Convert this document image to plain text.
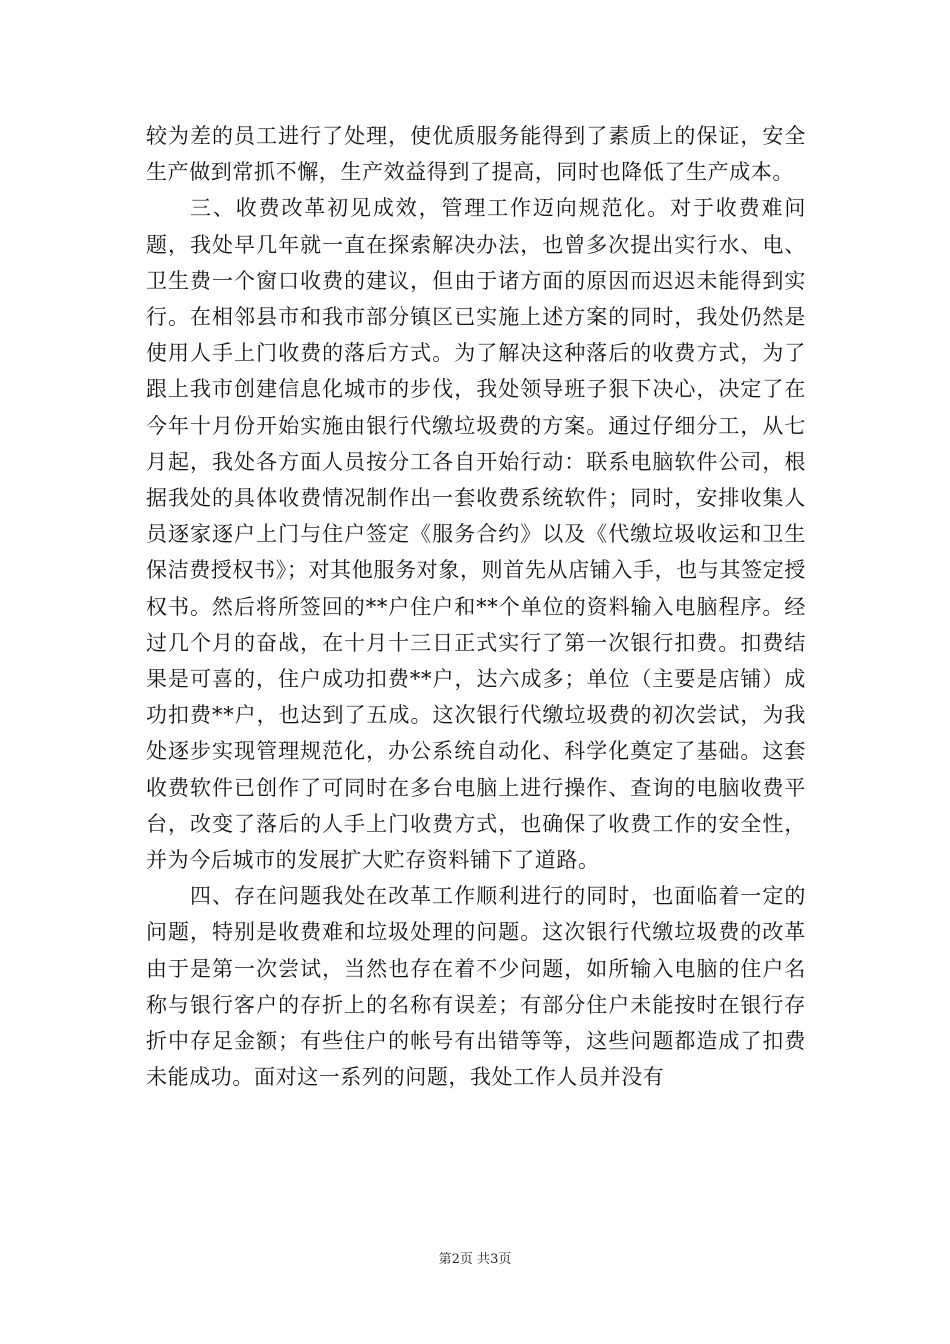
较为差的员工进行了处理，使优质服务能得到了素质上的保证，安全生产做到常抓不懈，生产效益得到了提高，同时也降低了生产成本。

三、收费改革初见成效，管理工作迈向规范化。对于收费难问题，我处早几年就一直在探索解决办法，也曾多次提出实行水、电、卫生费一个窗口收费的建议，但由于诸方面的原因而迟迟未能得到实行。在相邻县市和我市部分镇区已实施上述方案的同时，我处仍然是使用人手上门收费的落后方式。为了解决这种落后的收费方式，为了跟上我市创建信息化城市的步伐，我处领导班子狠下决心，决定了在今年十月份开始实施由银行代缴垃圾费的方案。通过仔细分工，从七月起，我处各方面人员按分工各自开始行动：联系电脑软件公司，根据我处的具体收费情况制作出一套收费系统软件；同时，安排收集人员逐家逐户上门与住户签定《服务合约》以及《代缴垃圾收运和卫生保洁费授权书》；对其他服务对象，则首先从店铺入手，也与其签定授权书。然后将所签回的**户住户和**个单位的资料输入电脑程序。经过几个月的奋战，在十月十三日正式实行了第一次银行扣费。扣费结果是可喜的，住户成功扣费**户，达六成多；单位（主要是店铺）成功扣费**户，也达到了五成。这次银行代缴垃圾费的初次尝试，为我处逐步实现管理规范化，办公系统自动化、科学化奠定了基础。这套收费软件已创作了可同时在多台电脑上进行操作、查询的电脑收费平台，改变了落后的人手上门收费方式，也确保了收费工作的安全性，并为今后城市的发展扩大贮存资料铺下了道路。

四、存在问题我处在改革工作顺利进行的同时，也面临着一定的问题，特别是收费难和垃圾处理的问题。这次银行代缴垃圾费的改革由于是第一次尝试，当然也存在着不少问题，如所输入电脑的住户名称与银行客户的存折上的名称有误差；有部分住户未能按时在银行存折中存足金额；有些住户的帐号有出错等等，这些问题都造成了扣费未能成功。面对这一系列的问题，我处工作人员并没有

第2页 共3页
